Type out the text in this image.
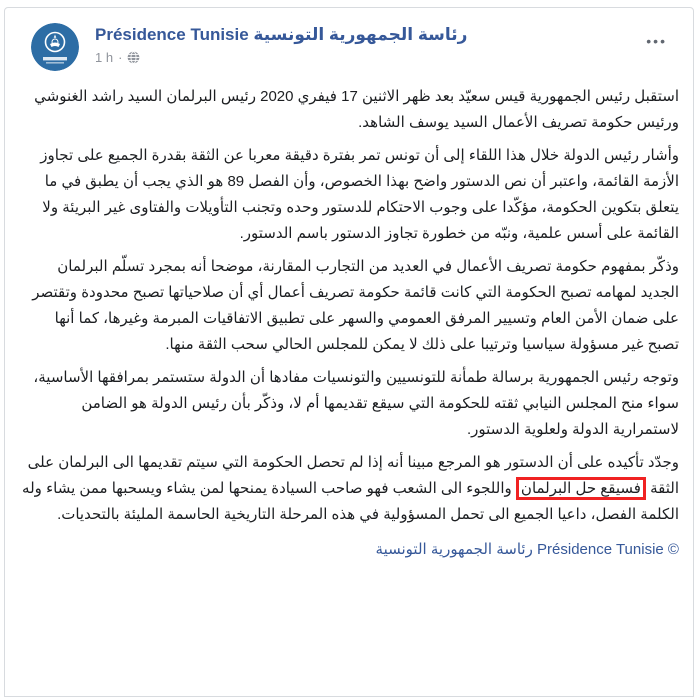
Présidence Tunisie رئاسة الجمهورية التونسية
1 h ·
•••

استقبل رئيس الجمهورية قيس سعيّد بعد ظهر الاثنين 17 فيفري 2020 رئيس البرلمان السيد راشد الغنوشي ورئيس حكومة تصريف الأعمال السيد يوسف الشاهد.

وأشار رئيس الدولة خلال هذا اللقاء إلى أن تونس تمر بفترة دقيقة معربا عن الثقة بقدرة الجميع على تجاوز الأزمة القائمة، واعتبر أن نص الدستور واضح بهذا الخصوص، وأن الفصل 89 هو الذي يجب أن يطبق في ما يتعلق بتكوين الحكومة، مؤكّدا على وجوب الاحتكام للدستور وحده وتجنب التأويلات والفتاوى غير البريئة ولا القائمة على أسس علمية، ونبّه من خطورة تجاوز الدستور باسم الدستور.

وذكّر بمفهوم حكومة تصريف الأعمال في العديد من التجارب المقارنة، موضحا أنه بمجرد تسلّم البرلمان الجديد لمهامه تصبح الحكومة التي كانت قائمة حكومة تصريف أعمال أي أن صلاحياتها تصبح محدودة وتقتصر على ضمان الأمن العام وتسيير المرفق العمومي والسهر على تطبيق الاتفاقيات المبرمة وغيرها، كما أنها تصبح غير مسؤولة سياسيا وترتيبا على ذلك لا يمكن للمجلس الحالي سحب الثقة منها.

وتوجه رئيس الجمهورية برسالة طمأنة للتونسيين والتونسيات مفادها أن الدولة ستستمر بمرافقها الأساسية، سواء منح المجلس النيابي ثقته للحكومة التي سيقع تقديمها أم لا، وذكّر بأن رئيس الدولة هو الضامن لاستمرارية الدولة ولعلوية الدستور.

وجدّد تأكيده على أن الدستور هو المرجع مبينا أنه إذا لم تحصل الحكومة التي سيتم تقديمها الى البرلمان على الثقة فسيقع حل البرلمان واللجوء الى الشعب فهو صاحب السيادة يمنحها لمن يشاء ويسحبها ممن يشاء وله الكلمة الفصل، داعيا الجميع الى تحمل المسؤولية في هذه المرحلة التاريخية الحاسمة المليئة بالتحديات.

© Présidence Tunisie رئاسة الجمهورية التونسية
